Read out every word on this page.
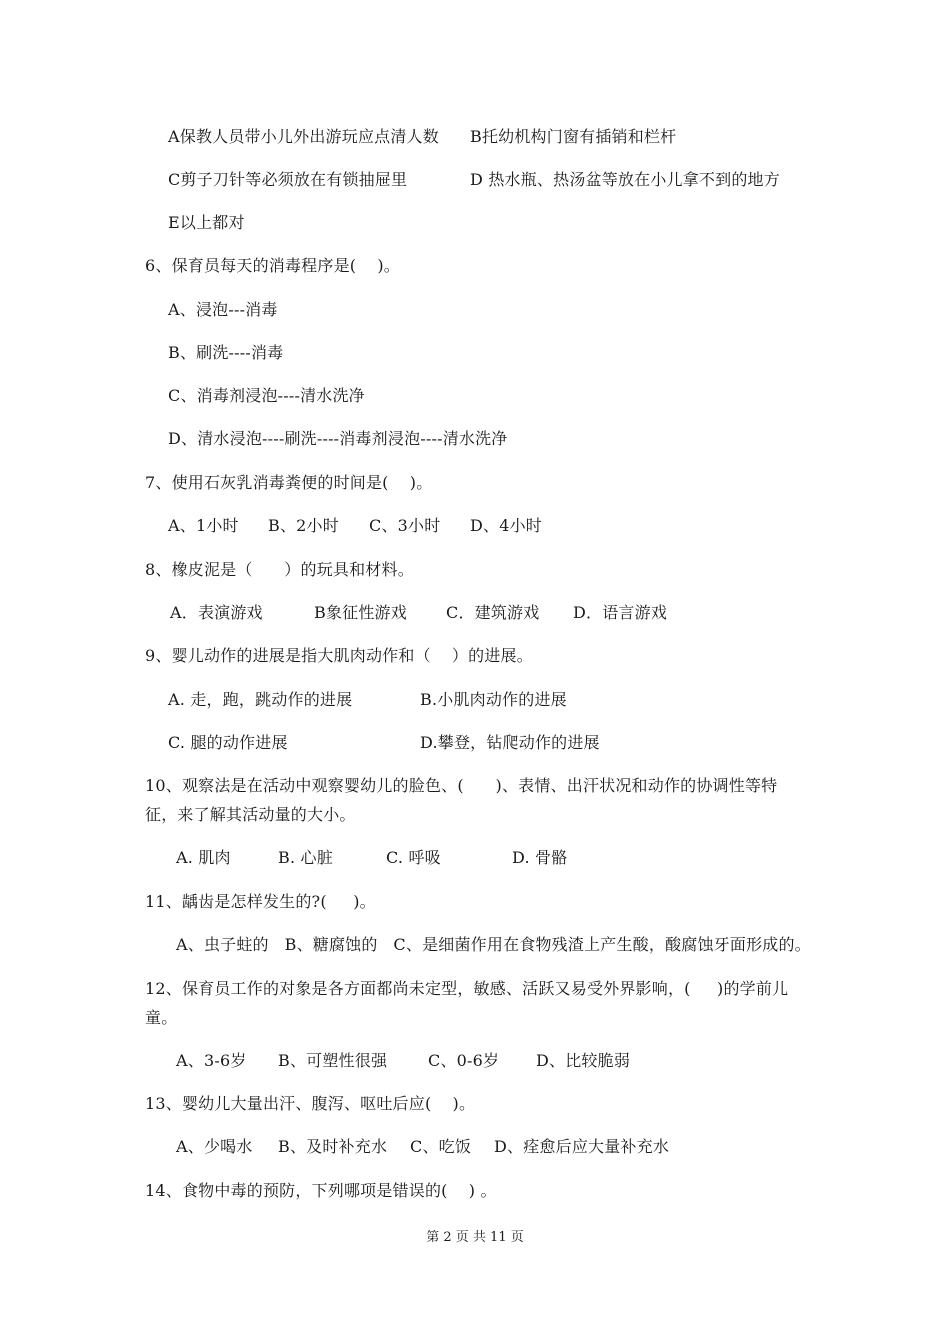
A保教人员带小儿外出游玩应点清人数 B托幼机构门窗有插销和栏杆
C剪子刀针等必须放在有锁抽屉里	D 热水瓶、热汤盆等放在小儿拿不到的地方
E以上都对
6、保育员每天的消毒程序是(    )。
A、浸泡---消毒
B、刷洗----消毒
C、消毒剂浸泡----清水洗净
D、清水浸泡----刷洗----消毒剂浸泡----清水洗净
7、使用石灰乳消毒粪便的时间是(    )。
A、1小时 B、2小时 C、3小时 D、4小时
8、橡皮泥是（      ）的玩具和材料。
A．表演游戏	B象征性游戏 C．建筑游戏 D．语言游戏
9、婴儿动作的进展是指大肌肉动作和（    ）的进展。
A. 走，跑，跳动作的进展	B.小肌肉动作的进展
C. 腿的动作进展	D.攀登，钻爬动作的进展
10、观察法是在活动中观察婴幼儿的脸色、(      )、表情、出汗状况和动作的协调性等特
征，来了解其活动量的大小。
A. 肌肉	B. 心脏	C. 呼吸	D. 骨骼
11、龋齿是怎样发生的?(     )。
A、虫子蛀的   B、糖腐蚀的   C、是细菌作用在食物残渣上产生酸，酸腐蚀牙面形成的。
12、保育员工作的对象是各方面都尚未定型，敏感、活跃又易受外界影响，(     )的学前儿
童。
A、3-6岁 B、可塑性很强	C、0-6岁 D、比较脆弱
13、婴幼儿大量出汗、腹泻、呕吐后应(    )。
A、少喝水 B、及时补充水 C、吃饭 D、痊愈后应大量补充水
14、食物中毒的预防，下列哪项是错误的(    ) 。
第 2 页 共 11 页
